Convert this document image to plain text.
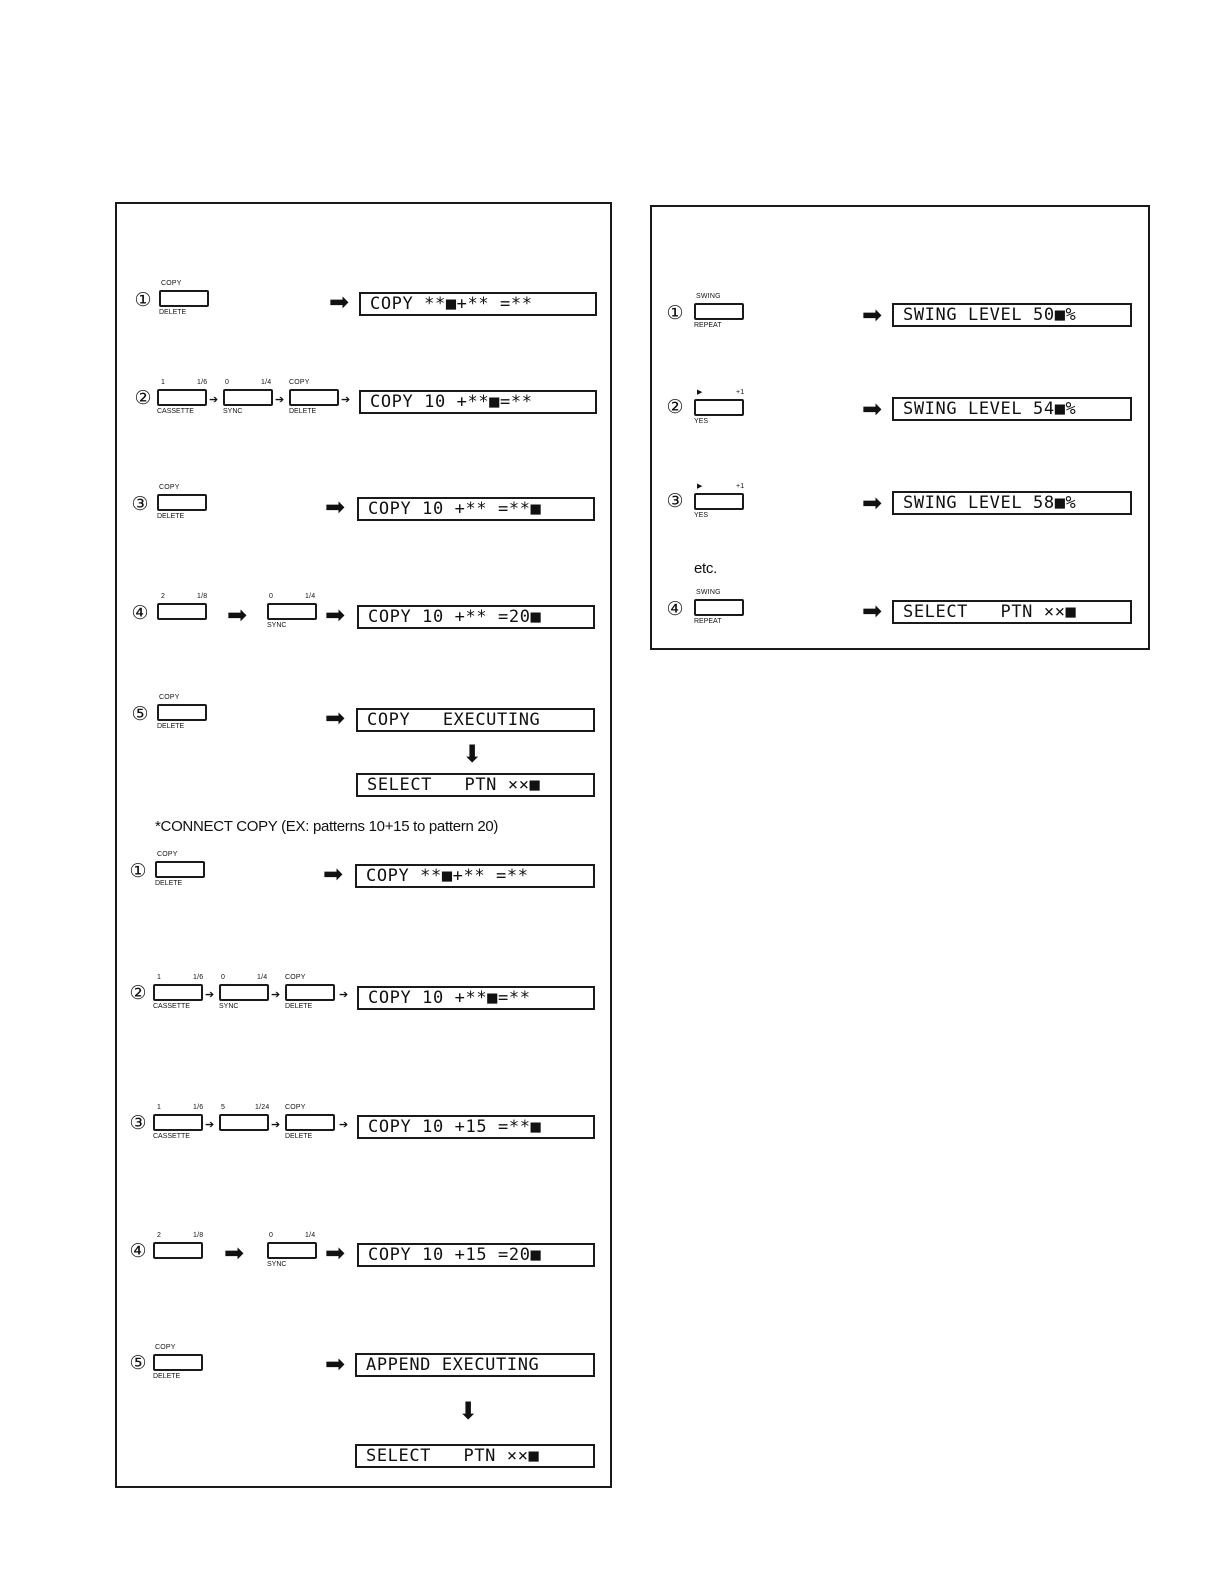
①
COPY
DELETE	➡	COPY **■+** =**
②
1	1/6
CASSETTE
➔
0	1/4
SYNC
➔
COPY
DELETE
➔	COPY 10 +**■=**
③
COPY
DELETE	➡	COPY 10 +** =**■
④
2	1/8
➡
0	1/4
SYNC ➡	COPY 10 +** =20■
⑤
COPY
DELETE	➡	COPY   EXECUTING
⬇
SELECT   PTN ××■
*CONNECT COPY (EX: patterns 10+15 to pattern 20)
①
COPY
DELETE	➡	COPY **■+** =**
②
1	1/6
CASSETTE
➔
0	1/4
SYNC
➔
COPY
DELETE
➔	COPY 10 +**■=**
③
1	1/6
CASSETTE
➔
5	1/24
➔
COPY
DELETE
➔	COPY 10 +15 =**■
④
2	1/8
➡
0	1/4
SYNC ➡	COPY 10 +15 =20■
⑤
COPY
DELETE	➡	APPEND EXECUTING
⬇
SELECT   PTN ××■
①
SWING
REPEAT	➡	SWING LEVEL 50■%
②
▶	+1
YES	➡	SWING LEVEL 54■%
③
▶	+1
YES	➡	SWING LEVEL 58■%
etc.
④
SWING
REPEAT	➡	SELECT   PTN ××■
